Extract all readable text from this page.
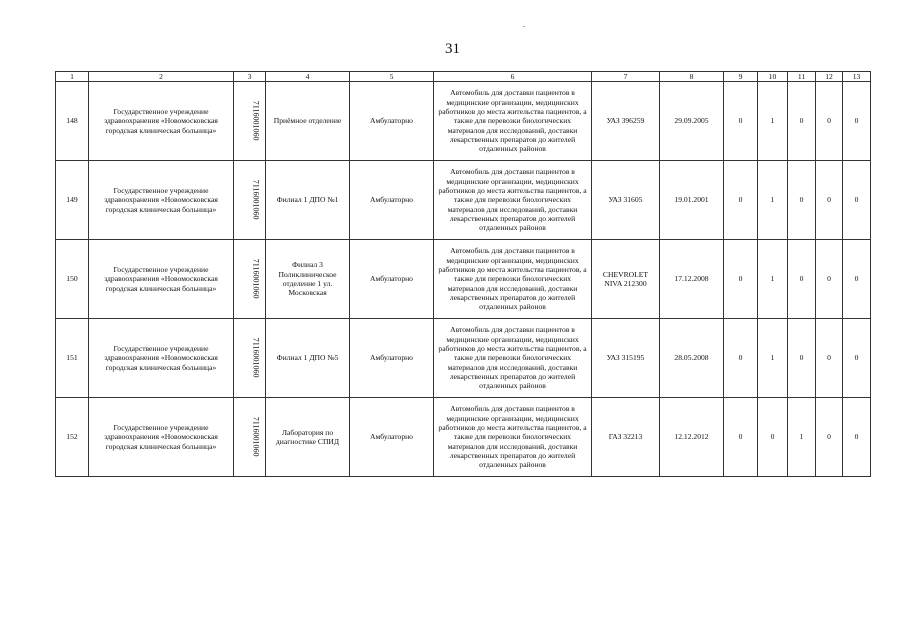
.
31
1	2	3	4	5	6	7	8	9	10	11	12	13
148	Государственное учреждение здравоохранения «Новомосковская городская клиническая больница»	7116001060	Приёмное отделение	Амбулаторно	Автомобиль для доставки пациентов в медицинские организации, медицинских работников до места жительства пациентов, а также для перевозки биологических материалов для исследований, доставки лекарственных препаратов до жителей отдаленных районов	УАЗ 396259	29.09.2005	0	1	0	0	0
149	Государственное учреждение здравоохранения «Новомосковская городская клиническая больница»	7116001060	Филиал 1 ДПО №1	Амбулаторно	Автомобиль для доставки пациентов в медицинские организации, медицинских работников до места жительства пациентов, а также для перевозки биологических материалов для исследований, доставки лекарственных препаратов до жителей отдаленных районов	УАЗ 31605	19.01.2001	0	1	0	0	0
150	Государственное учреждение здравоохранения «Новомосковская городская клиническая больница»	7116001060	Филиал 3 Поликлиническое отделение 1 ул. Московская	Амбулаторно	Автомобиль для доставки пациентов в медицинские организации, медицинских работников до места жительства пациентов, а также для перевозки биологических материалов для исследований, доставки лекарственных препаратов до жителей отдаленных районов	CHEVROLET NIVA 212300	17.12.2008	0	1	0	0	0
151	Государственное учреждение здравоохранения «Новомосковская городская клиническая больница»	7116001060	Филиал 1 ДПО №5	Амбулаторно	Автомобиль для доставки пациентов в медицинские организации, медицинских работников до места жительства пациентов, а также для перевозки биологических материалов для исследований, доставки лекарственных препаратов до жителей отдаленных районов	УАЗ 315195	28.05.2008	0	1	0	0	0
152	Государственное учреждение здравоохранения «Новомосковская городская клиническая больница»	7116001060	Лаборатория по диагностике СПИД	Амбулаторно	Автомобиль для доставки пациентов в медицинские организации, медицинских работников до места жительства пациентов, а также для перевозки биологических материалов для исследований, доставки лекарственных препаратов до жителей отдаленных районов	ГАЗ 32213	12.12.2012	0	0	1	0	0
